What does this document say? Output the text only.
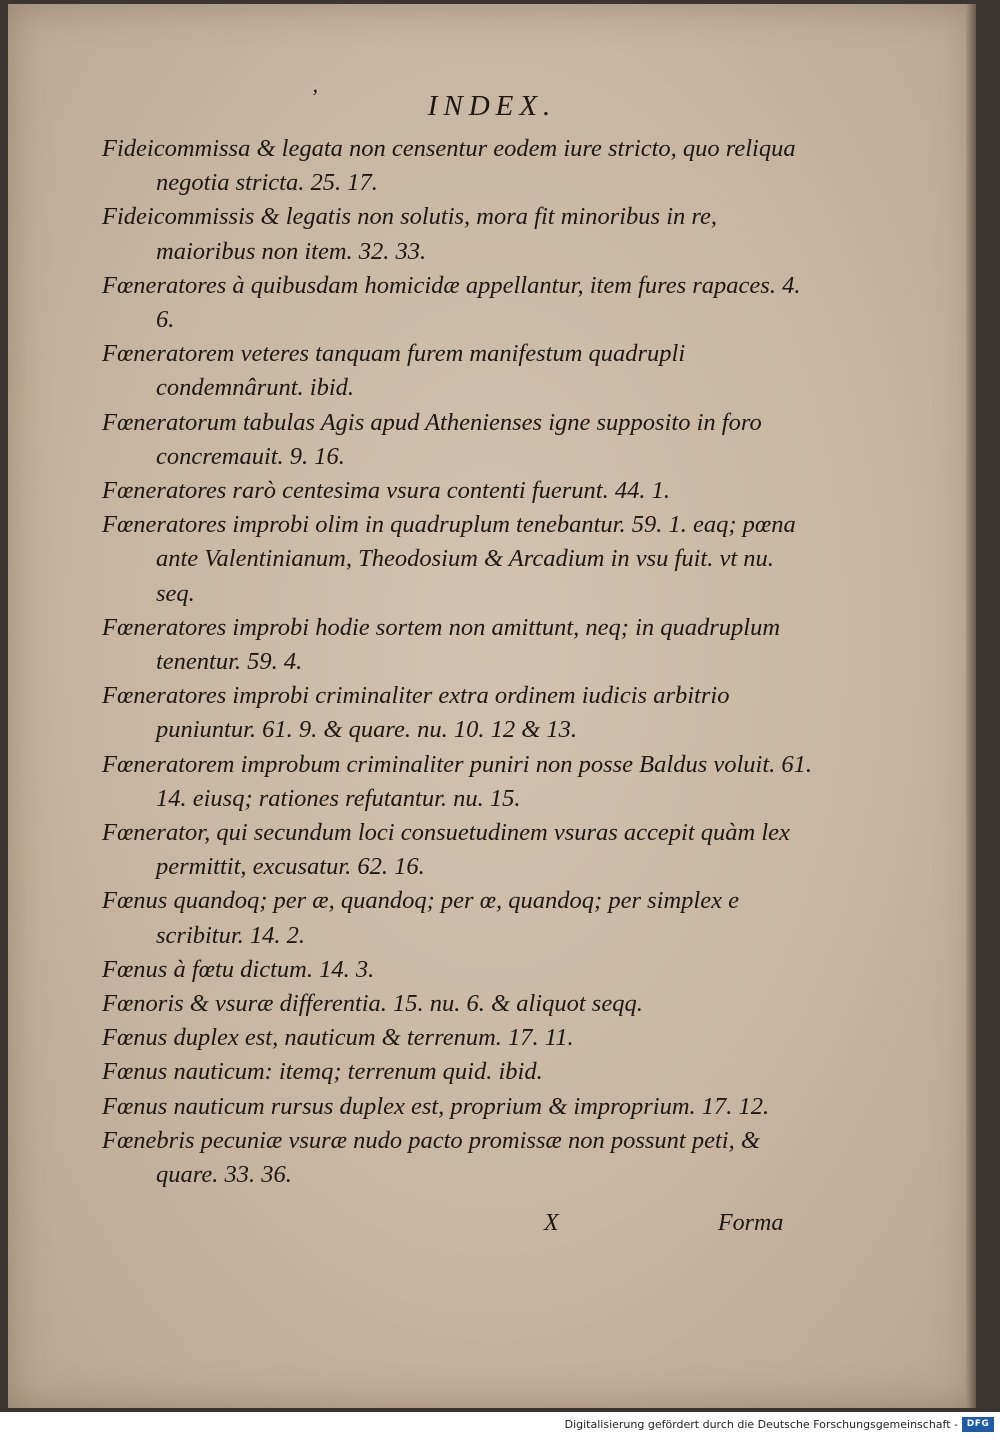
’	INDEX.

Fideicommissa & legata non censentur eodem iure stricto, quo reliqua negotia stricta. 25. 17.

Fideicommissis & legatis non solutis, mora fit minoribus in re, maioribus non item. 32. 33.

Fœneratores à quibusdam homicidæ appellantur, item fures rapaces. 4. 6.

Fœneratorem veteres tanquam furem manifestum quadrupli condemnârunt. ibid.

Fœneratorum tabulas Agis apud Athenienses igne supposito in foro concremauit. 9. 16.

Fœneratores rarò centesima vsura contenti fuerunt. 44. 1.

Fœneratores improbi olim in quadruplum tenebantur. 59. 1. eaq; pœna ante Valentinianum, Theodosium & Arcadium in vsu fuit. vt nu. seq.

Fœneratores improbi hodie sortem non amittunt, neq; in quadruplum tenentur. 59. 4.

Fœneratores improbi criminaliter extra ordinem iudicis arbitrio puniuntur. 61. 9. & quare. nu. 10. 12 & 13.

Fœneratorem improbum criminaliter puniri non posse Baldus voluit. 61. 14. eiusq; rationes refutantur. nu. 15.

Fœnerator, qui secundum loci consuetudinem vsuras accepit quàm lex permittit, excusatur. 62. 16.

Fœnus quandoq; per æ, quandoq; per œ, quandoq; per simplex e scribitur. 14. 2.

Fœnus à fœtu dictum. 14. 3.

Fœnoris & vsuræ differentia. 15. nu. 6. & aliquot seqq.

Fœnus duplex est, nauticum & terrenum. 17. 11.

Fœnus nauticum: itemq; terrenum quid. ibid.

Fœnus nauticum rursus duplex est, proprium & improprium. 17. 12.

Fœnebris pecuniæ vsuræ nudo pacto promissæ non possunt peti, & quare. 33. 36.

X	Forma
Digitalisierung gefördert durch die Deutsche Forschungsgemeinschaft - DFG
